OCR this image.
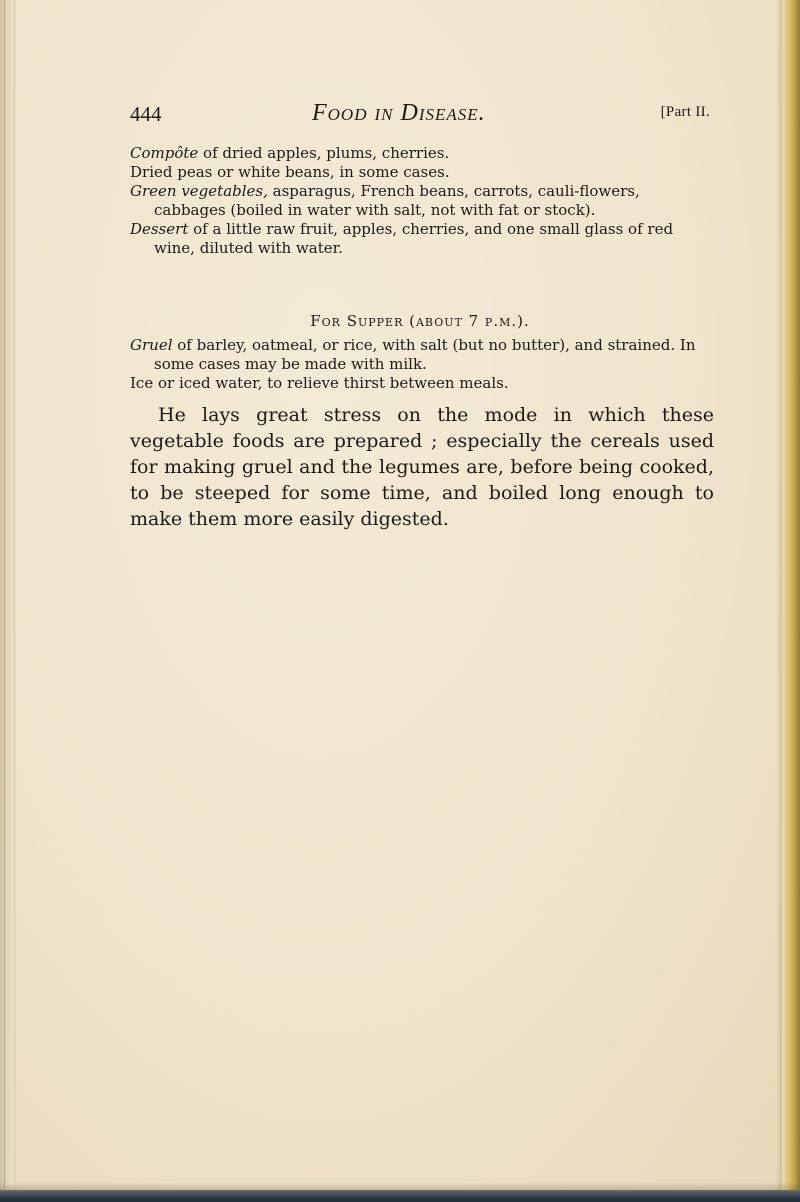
444	Food in Disease.	[Part II.

Compôte of dried apples, plums, cherries.

Dried peas or white beans, in some cases.

Green vegetables, asparagus, French beans, carrots, cauli-flowers, cabbages (boiled in water with salt, not with fat or stock).

Dessert of a little raw fruit, apples, cherries, and one small glass of red wine, diluted with water.

For Supper (about 7 p.m.).

Gruel of barley, oatmeal, or rice, with salt (but no butter), and strained. In some cases may be made with milk.

Ice or iced water, to relieve thirst between meals.

He lays great stress on the mode in which these vegetable foods are prepared ; especially the cereals used for making gruel and the legumes are, before being cooked, to be steeped for some time, and boiled long enough to make them more easily digested.
